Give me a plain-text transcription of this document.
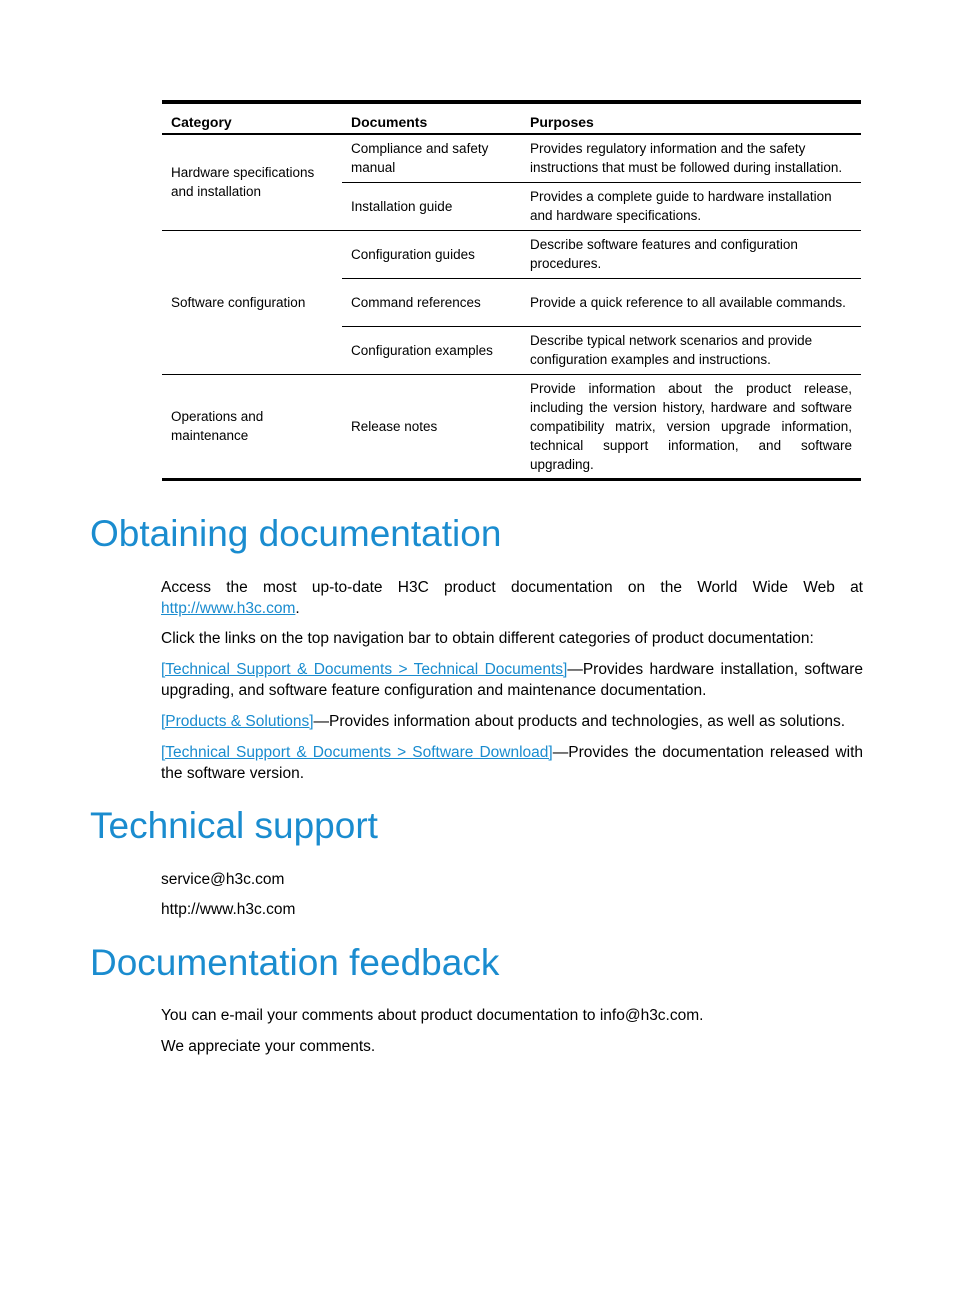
Category	Documents	Purposes
Hardware specifications and installation	Compliance and safety manual	Provides regulatory information and the safety instructions that must be followed during installation.
	Installation guide	Provides a complete guide to hardware installation and hardware specifications.
Software configuration	Configuration guides	Describe software features and configuration procedures.
	Command references	Provide a quick reference to all available commands.
	Configuration examples	Describe typical network scenarios and provide configuration examples and instructions.
Operations and maintenance	Release notes	Provide information about the product release, including the version history, hardware and software compatibility matrix, version upgrade information, technical support information, and software upgrading.
Obtaining documentation

Access the most up-to-date H3C product documentation on the World Wide Web at http://www.h3c.com.

Click the links on the top navigation bar to obtain different categories of product documentation:

[Technical Support & Documents > Technical Documents]—Provides hardware installation, software upgrading, and software feature configuration and maintenance documentation.

[Products & Solutions]—Provides information about products and technologies, as well as solutions.

[Technical Support & Documents > Software Download]—Provides the documentation released with the software version.

Technical support

service@h3c.com

http://www.h3c.com

Documentation feedback

You can e-mail your comments about product documentation to info@h3c.com.

We appreciate your comments.
